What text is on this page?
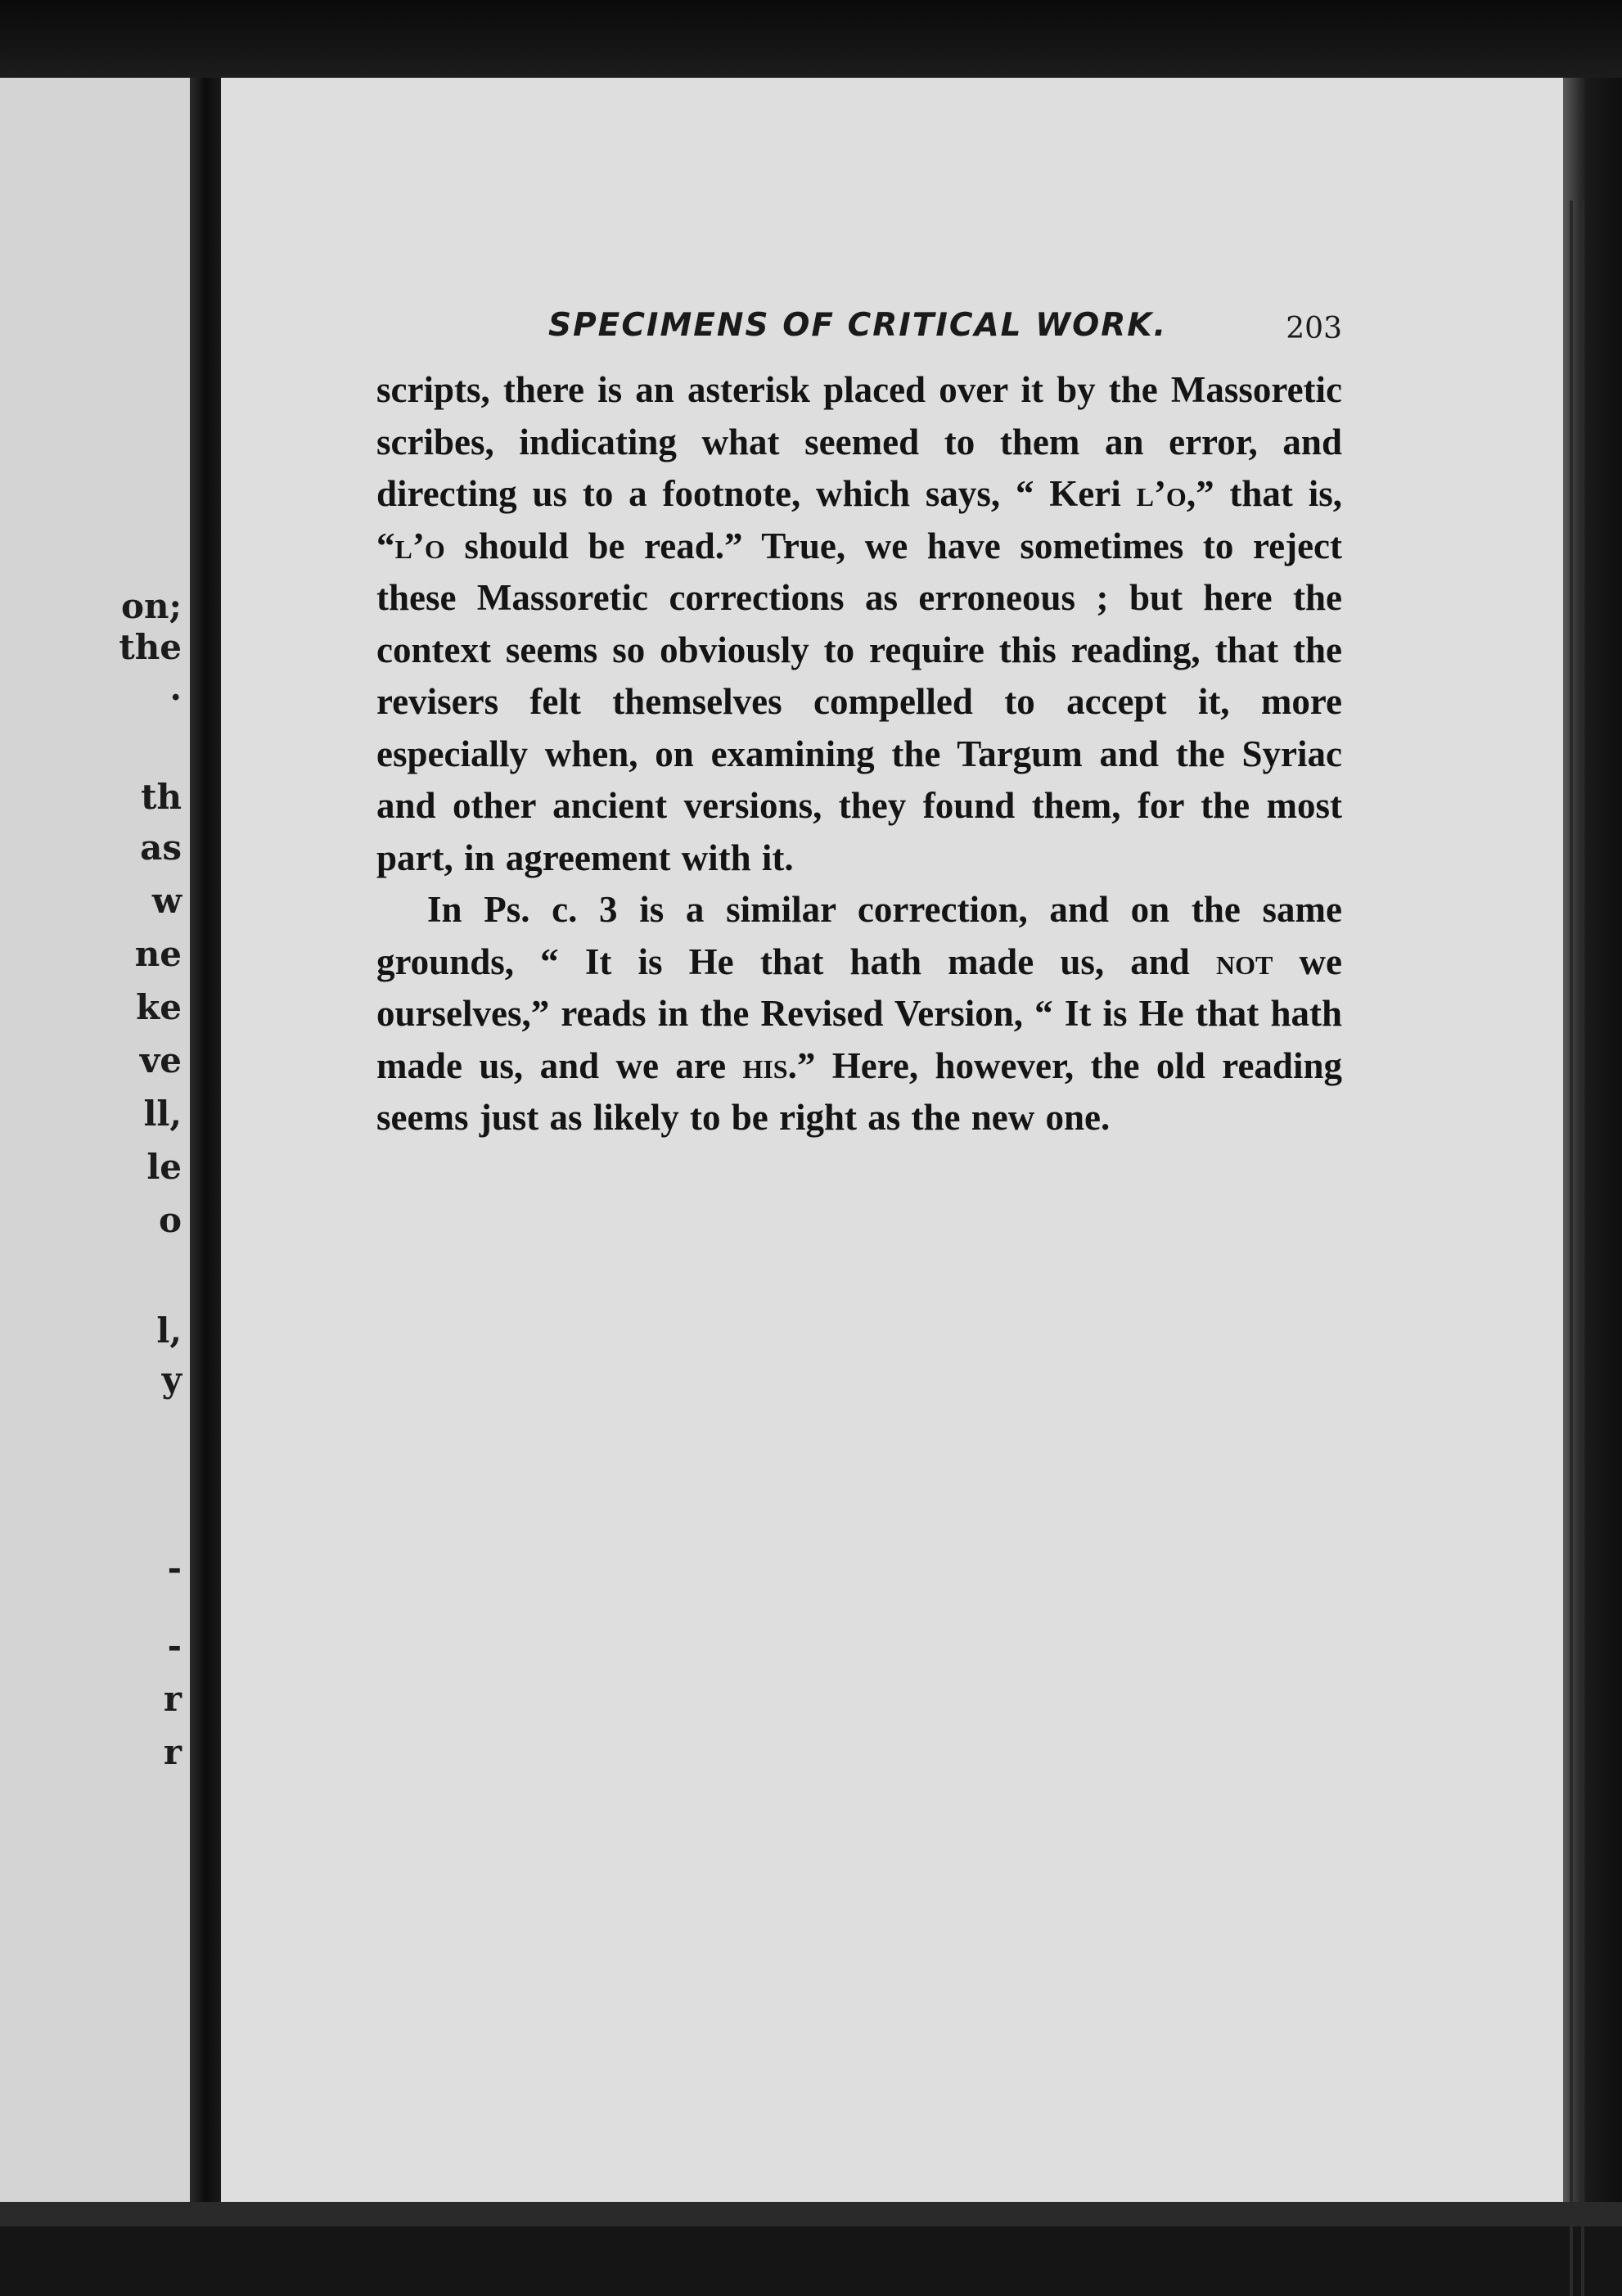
on;
the
.
th
as
w
ne
ke
ve
ll,
le
o
l,
y
-
-
r
r
SPECIMENS OF CRITICAL WORK.	203

scripts, there is an asterisk placed over it by the Massoretic scribes, indicating what seemed to them an error, and directing us to a footnote, which says, “ Keri l’o,” that is, “l’o should be read.” True, we have sometimes to reject these Massoretic corrections as erroneous ; but here the context seems so obviously to require this reading, that the revisers felt themselves compelled to accept it, more especially when, on examining the Targum and the Syriac and other ancient versions, they found them, for the most part, in agreement with it.

In Ps. c. 3 is a similar correction, and on the same grounds, “ It is He that hath made us, and not we ourselves,” reads in the Revised Version, “ It is He that hath made us, and we are his.” Here, however, the old reading seems just as likely to be right as the new one.
